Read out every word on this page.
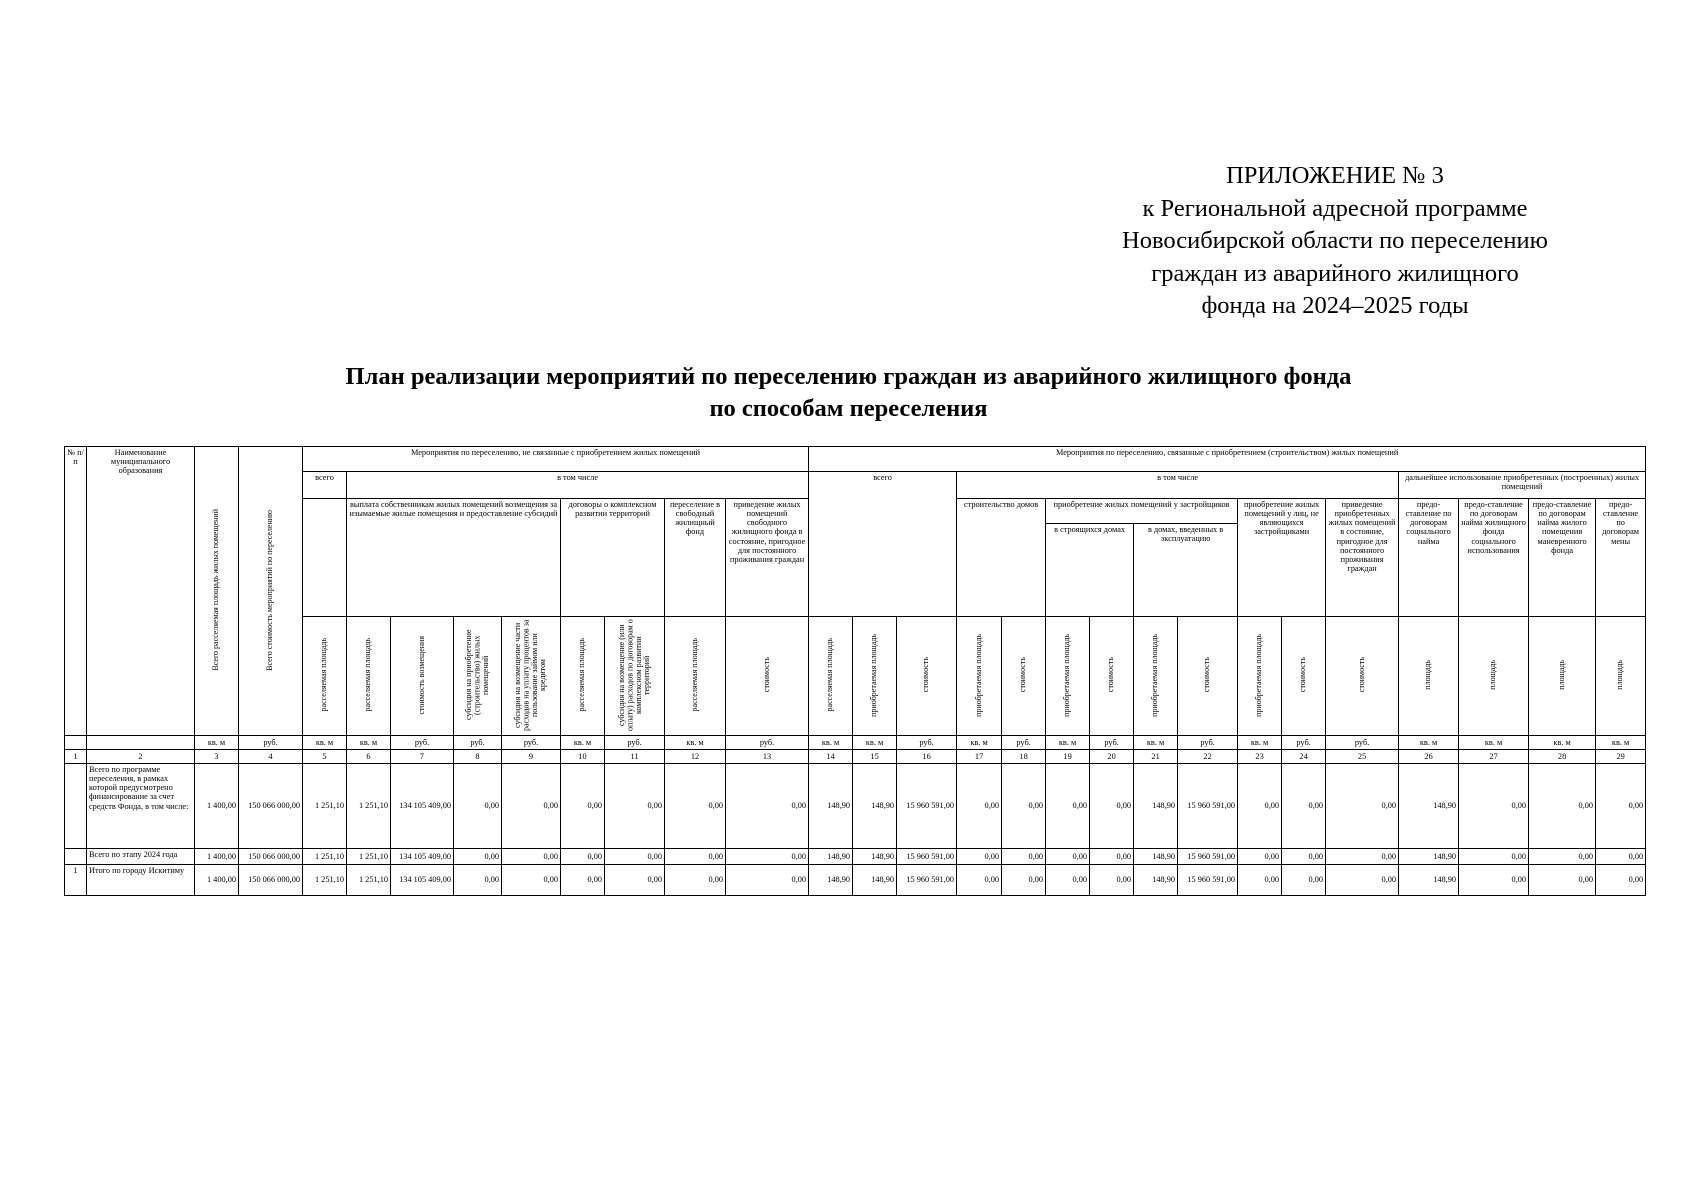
ПРИЛОЖЕНИЕ № 3
к Региональной адресной программе
Новосибирской области по переселению
граждан из аварийного жилищного
фонда на 2024–2025 годы
План реализации мероприятий по переселению граждан из аварийного жилищного фонда
по способам переселения
№ п/п	Наименование муниципального образования	Всего расселяемая площадь жилых помещений	Всего стоимость мероприятий по переселению	Мероприятия по переселению, не связанные с приобретением жилых помещений									Мероприятия по переселению, связанные с приобретением (строительством) жилых помещений															
				всего	в том числе								всего			в том числе									дальнейшее использование приобретенных (построенных) жилых помещений			
					выплата собственникам жилых помещений возмещения за изымаемые жилые помещения и предоставление субсидий				договоры о комплексном развитии территорий		переселение в свободный жилищный фонд	приведение жилых помещений свободного жилищного фонда в состояние, пригодное для постоянного проживания граждан				строительство домов		приобретение жилых помещений у застройщиков				приобретение жилых помещений у лиц, не являющихся застройщиками		приведение приобретенных жилых помещений в состояние, пригодное для постоянного проживания граждан	предо-ставление по договорам социального найма	предо-ставление по договорам найма жилищного фонда социального использования	предо-ставление по договорам найма жилого помещения маневренного фонда	предо-ставление по договорам мены
																		в строящихся домах		в домах, введенных в эксплуатацию								
				расселяемая площадь	расселяемая площадь	стоимость возмещения	субсидия на приобретение (строительство) жилых помещений	субсидия на возмещение части расходов на уплату процентов за пользование займом или кредитом	расселяемая площадь	субсидия на возмещение (или оплату) расходов по договорам о комплексном развитии территорий	расселяемая площадь	стоимость	расселяемая площадь	приобретаемая площадь	стоимость	приобретаемая площадь	стоимость	приобретаемая площадь	стоимость	приобретаемая площадь	стоимость	приобретаемая площадь	стоимость	стоимость	площадь	площадь	площадь	площадь
		кв. м	руб.	кв. м	кв. м	руб.	руб.	руб.	кв. м	руб.	кв. м	руб.	кв. м	кв. м	руб.	кв. м	руб.	кв. м	руб.	кв. м	руб.	кв. м	руб.	руб.	кв. м	кв. м	кв. м	кв. м
1	2	3	4	5	6	7	8	9	10	11	12	13	14	15	16	17	18	19	20	21	22	23	24	25	26	27	28	29
	Всего по программе переселения, в рамках которой предусмотрено финансирование за счет средств Фонда, в том числе:	1 400,00	150 066 000,00	1 251,10	1 251,10	134 105 409,00	0,00	0,00	0,00	0,00	0,00	0,00	148,90	148,90	15 960 591,00	0,00	0,00	0,00	0,00	148,90	15 960 591,00	0,00	0,00	0,00	148,90	0,00	0,00	0,00
	Всего по этапу 2024 года	1 400,00	150 066 000,00	1 251,10	1 251,10	134 105 409,00	0,00	0,00	0,00	0,00	0,00	0,00	148,90	148,90	15 960 591,00	0,00	0,00	0,00	0,00	148,90	15 960 591,00	0,00	0,00	0,00	148,90	0,00	0,00	0,00
1	Итого по городу Искитиму	1 400,00	150 066 000,00	1 251,10	1 251,10	134 105 409,00	0,00	0,00	0,00	0,00	0,00	0,00	148,90	148,90	15 960 591,00	0,00	0,00	0,00	0,00	148,90	15 960 591,00	0,00	0,00	0,00	148,90	0,00	0,00	0,00
